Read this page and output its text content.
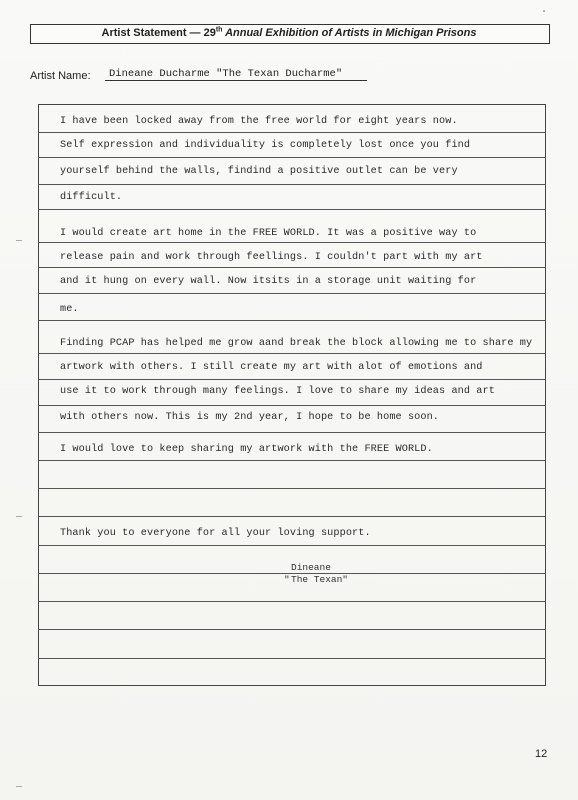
Artist Statement — 29th Annual Exhibition of Artists in Michigan Prisons
Artist Name:	Dineane Ducharme "The Texan Ducharme"
I have been locked away from the free world for eight years now.
Self expression and individuality is completely lost once you find
yourself behind the walls, findind a positive outlet can be very
difficult.
I would create art home in the FREE WORLD. It was a positive way to
release pain and work through feellings. I couldn't part with my art
and it hung on every wall. Now itsits in a storage unit waiting for
me.
Finding PCAP has helped me grow aand break the block allowing me to share my
artwork with others. I still create my art with alot of emotions and
use it to work through many feelings. I love to share my ideas and art
with others now. This is my 2nd year, I hope to be home soon.
I would love to keep sharing my artwork with the FREE WORLD.
Thank you to everyone for all your loving support.
Dineane
" The Texan"
12
